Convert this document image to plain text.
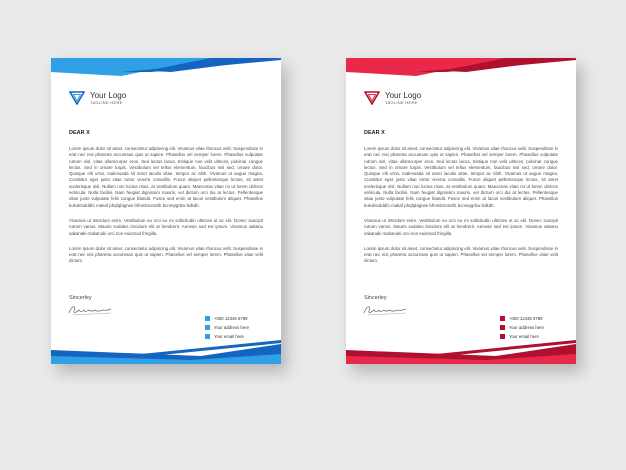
Your Logo
TAGLINE HERE
DEAR X

Lorem ipsum dolor sit amet, consectetur adipiscing elit. Vivamus vitae rhoncus velit. Suspendisse in erat nec nisi pharetra accumsan quis ut sapien. Phasellus vel semper lorem. Phasellus vulputate rutrum nisl, vitae ullamcorper eros. Sed lectus lacus, tristique non velit ultrices, pulvinar congue lectus. Sed in ornare turpis. Vestibulum vel tellus elementum, faucibus nisl sed, ornare dolor. Quisque elit urna, malesuada sit amet iaculis vitae, tempor ac nibh. Vivamus ut augue magna. Curabitur eget justo vitae tortor viverra convallis. Fusce aliquet pellentesque lectus, sit amet scelerisque nisl. Nullam non luctus risus, at vestibulum quam. Maecenas vitae mi ut lorem ultrices vehicula. Nulla facilisi. Nam feugiat dignissim mauris, vel dictum orci dui at lectus. Pellentesque vitae justo vulputate felis congue blandit. Fusce sed enim at lacus vestibulum aliquet. Phasellus kokoklodddfo makaf phqfqbigrwe bfmmbmmdrb bcnmpgrbw bdkdh.

Vivamus ut interdum enim. Vestibulum eu orci eu mi sollicitudin ultricies ut ac elit. Donec suscipit rutrum varius. Mauris sodales tincidunt elit at hendrerit. Aenean sed est ipsum. Vivamus sakanu sakanaki makanoki orci non euismod fringilla.

Lorem ipsum dolor sit amet, consectetur adipiscing elit. Vivamus vitae rhoncus velit. Suspendisse in erat nec nisi pharetra accumsan quis ut sapien. Phasellus vel semper lorem. Phasellus vitae velit dictum.

Sincerley
+000 12345 6789
Your address here
Your email here
Your Logo
TAGLINE HERE
DEAR X

Lorem ipsum dolor sit amet, consectetur adipiscing elit. Vivamus vitae rhoncus velit. Suspendisse in erat nec nisi pharetra accumsan quis ut sapien. Phasellus vel semper lorem. Phasellus vulputate rutrum nisl, vitae ullamcorper eros. Sed lectus lacus, tristique non velit ultrices, pulvinar congue lectus. Sed in ornare turpis. Vestibulum vel tellus elementum, faucibus nisl sed, ornare dolor. Quisque elit urna, malesuada sit amet iaculis vitae, tempor ac nibh. Vivamus ut augue magna. Curabitur eget justo vitae tortor viverra convallis. Fusce aliquet pellentesque lectus, sit amet scelerisque nisl. Nullam non luctus risus, at vestibulum quam. Maecenas vitae mi ut lorem ultrices vehicula. Nulla facilisi. Nam feugiat dignissim mauris, vel dictum orci dui at lectus. Pellentesque vitae justo vulputate felis congue blandit. Fusce sed enim at lacus vestibulum aliquet. Phasellus kokoklodddfo makaf phqfqbigrwe bfmmbmmdrb bcnmpgrbw bdkdh.

Vivamus ut interdum enim. Vestibulum eu orci eu mi sollicitudin ultricies ut ac elit. Donec suscipit rutrum varius. Mauris sodales tincidunt elit at hendrerit. Aenean sed est ipsum. Vivamus sakanu sakanaki makanoki orci non euismod fringilla.

Lorem ipsum dolor sit amet, consectetur adipiscing elit. Vivamus vitae rhoncus velit. Suspendisse in erat nec nisi pharetra accumsan quis ut sapien. Phasellus vel semper lorem. Phasellus vitae velit dictum.

Sincerley
+000 12345 6789
Your address here
Your email here
